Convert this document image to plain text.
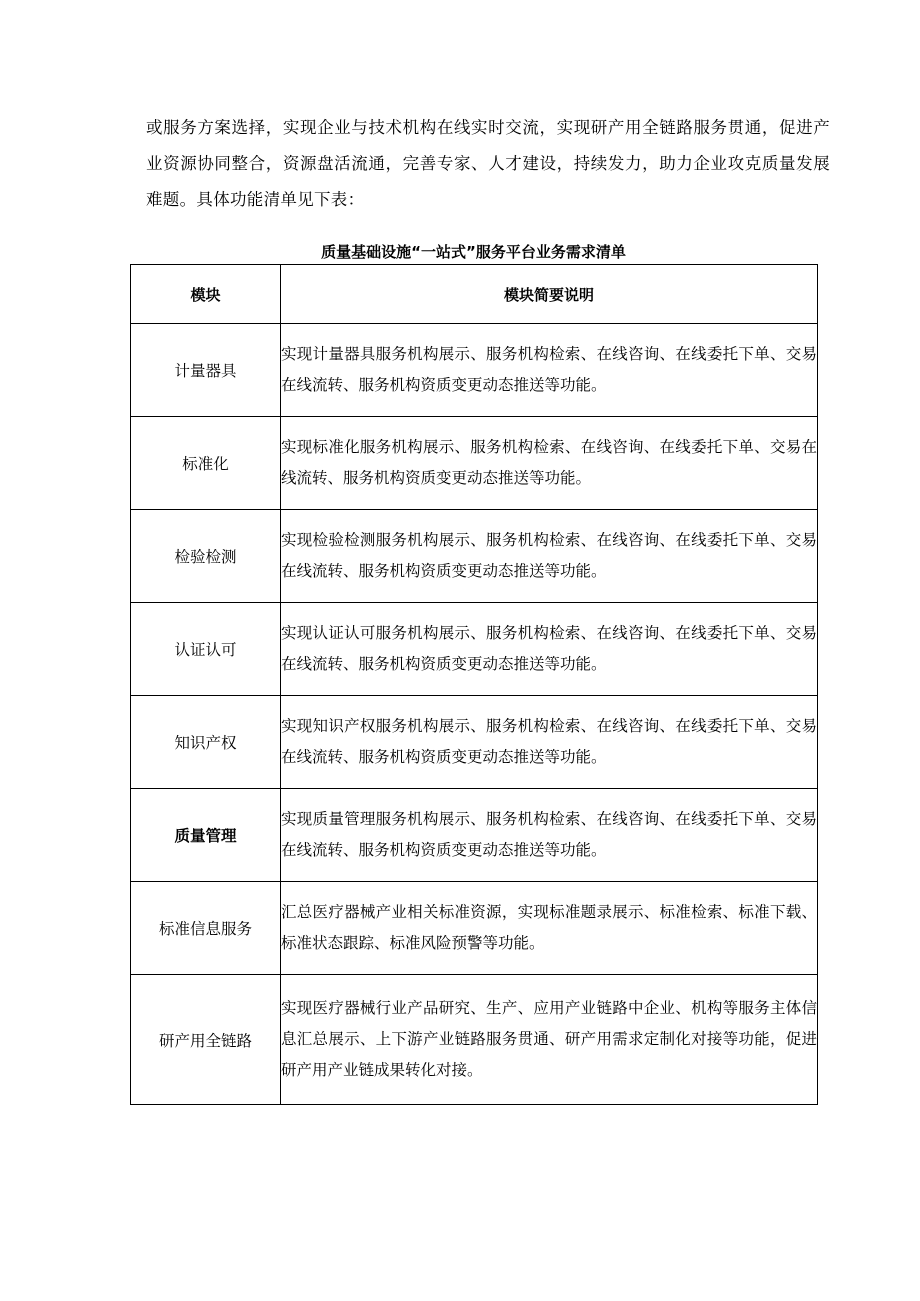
或服务方案选择，实现企业与技术机构在线实时交流，实现研产用全链路服务贯通，促进产业资源协同整合，资源盘活流通，完善专家、人才建设，持续发力，助力企业攻克质量发展难题。具体功能清单见下表：

质量基础设施“一站式”服务平台业务需求清单
模块	模块简要说明
计量器具	实现计量器具服务机构展示、服务机构检索、在线咨询、在线委托下单、交易在线流转、服务机构资质变更动态推送等功能。
标准化	实现标准化服务机构展示、服务机构检索、在线咨询、在线委托下单、交易在线流转、服务机构资质变更动态推送等功能。
检验检测	实现检验检测服务机构展示、服务机构检索、在线咨询、在线委托下单、交易在线流转、服务机构资质变更动态推送等功能。
认证认可	实现认证认可服务机构展示、服务机构检索、在线咨询、在线委托下单、交易在线流转、服务机构资质变更动态推送等功能。
知识产权	实现知识产权服务机构展示、服务机构检索、在线咨询、在线委托下单、交易在线流转、服务机构资质变更动态推送等功能。
质量管理	实现质量管理服务机构展示、服务机构检索、在线咨询、在线委托下单、交易在线流转、服务机构资质变更动态推送等功能。
标准信息服务	汇总医疗器械产业相关标准资源，实现标准题录展示、标准检索、标准下载、标准状态跟踪、标准风险预警等功能。
研产用全链路	实现医疗器械行业产品研究、生产、应用产业链路中企业、机构等服务主体信息汇总展示、上下游产业链路服务贯通、研产用需求定制化对接等功能，促进研产用产业链成果转化对接。
